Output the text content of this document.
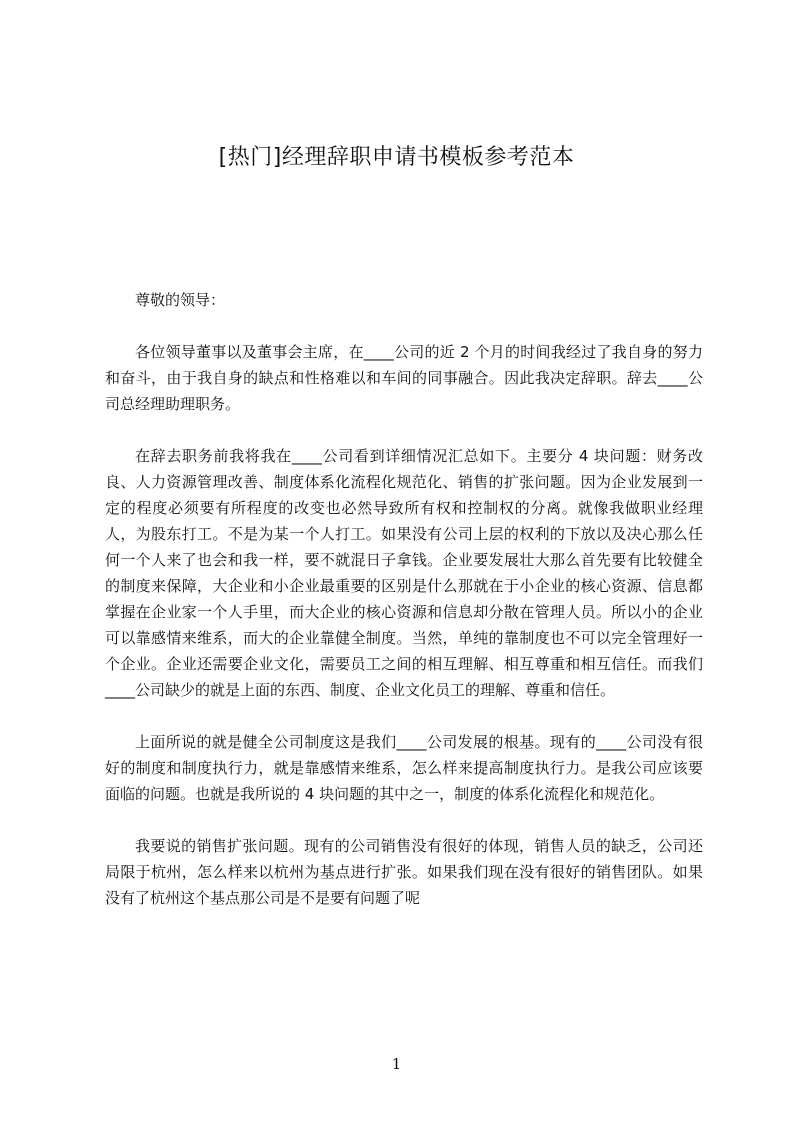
[热门]经理辞职申请书模板参考范本

尊敬的领导：

各位领导董事以及董事会主席，在____公司的近 2 个月的时间我经过了我自身的努力和奋斗，由于我自身的缺点和性格难以和车间的同事融合。因此我决定辞职。辞去____公司总经理助理职务。

在辞去职务前我将我在____公司看到详细情况汇总如下。主要分 4 块问题：财务改良、人力资源管理改善、制度体系化流程化规范化、销售的扩张问题。因为企业发展到一定的程度必须要有所程度的改变也必然导致所有权和控制权的分离。就像我做职业经理人，为股东打工。不是为某一个人打工。如果没有公司上层的权利的下放以及决心那么任何一个人来了也会和我一样，要不就混日子拿钱。企业要发展壮大那么首先要有比较健全的制度来保障，大企业和小企业最重要的区别是什么那就在于小企业的核心资源、信息都掌握在企业家一个人手里，而大企业的核心资源和信息却分散在管理人员。所以小的企业可以靠感情来维系，而大的企业靠健全制度。当然，单纯的靠制度也不可以完全管理好一个企业。企业还需要企业文化，需要员工之间的相互理解、相互尊重和相互信任。而我们____公司缺少的就是上面的东西、制度、企业文化员工的理解、尊重和信任。

上面所说的就是健全公司制度这是我们____公司发展的根基。现有的____公司没有很好的制度和制度执行力，就是靠感情来维系，怎么样来提高制度执行力。是我公司应该要面临的问题。也就是我所说的 4 块问题的其中之一，制度的体系化流程化和规范化。

我要说的销售扩张问题。现有的公司销售没有很好的体现，销售人员的缺乏，公司还局限于杭州，怎么样来以杭州为基点进行扩张。如果我们现在没有很好的销售团队。如果没有了杭州这个基点那公司是不是要有问题了呢

1
